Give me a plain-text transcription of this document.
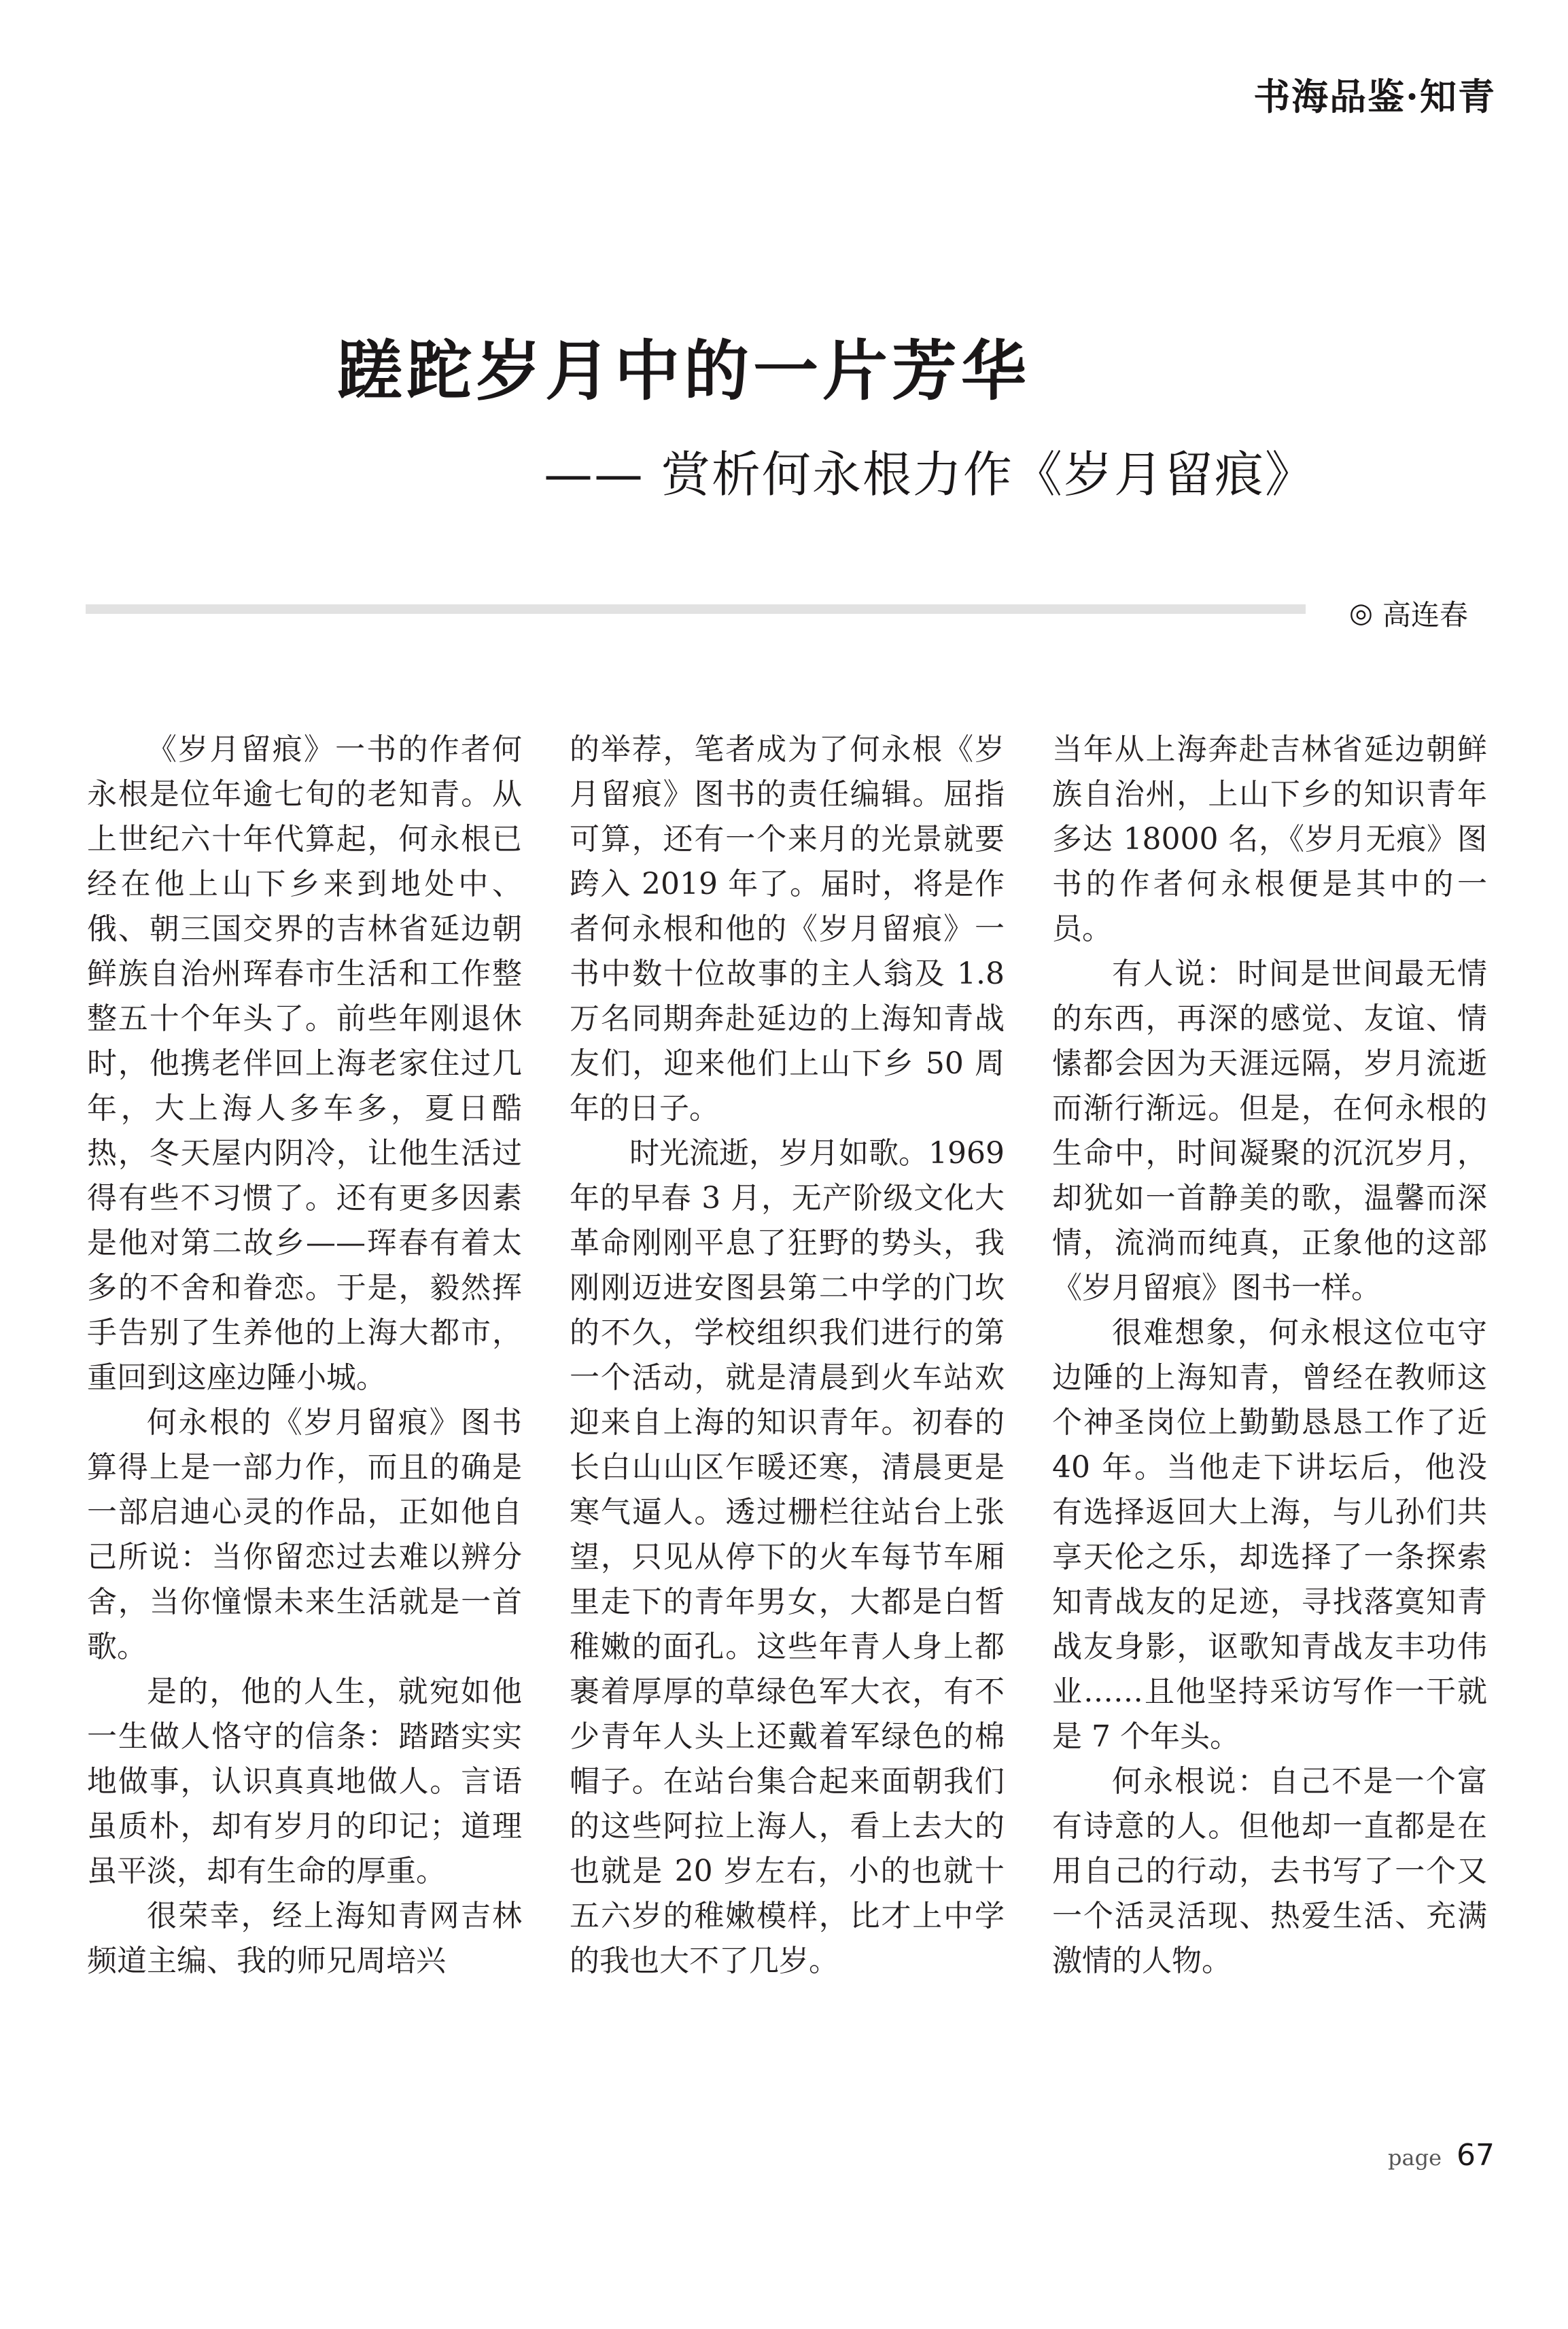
书海品鉴·知青
蹉跎岁月中的一片芳华
—— 赏析何永根力作《岁月留痕》
◎ 高连春

《岁月留痕》一书的作者何永根是位年逾七旬的老知青。从上世纪六十年代算起，何永根已经在他上山下乡来到地处中、俄、朝三国交界的吉林省延边朝鲜族自治州珲春市生活和工作整整五十个年头了。前些年刚退休时，他携老伴回上海老家住过几年，大上海人多车多，夏日酷热，冬天屋内阴冷，让他生活过得有些不习惯了。还有更多因素是他对第二故乡——珲春有着太多的不舍和眷恋。于是，毅然挥手告别了生养他的上海大都市，重回到这座边陲小城。

何永根的《岁月留痕》图书算得上是一部力作，而且的确是一部启迪心灵的作品，正如他自己所说：当你留恋过去难以辨分舍，当你憧憬未来生活就是一首歌。

是的，他的人生，就宛如他一生做人恪守的信条：踏踏实实地做事，认识真真地做人。言语虽质朴，却有岁月的印记；道理虽平淡，却有生命的厚重。

很荣幸，经上海知青网吉林频道主编、我的师兄周培兴

的举荐，笔者成为了何永根《岁月留痕》图书的责任编辑。屈指可算，还有一个来月的光景就要跨入 2019 年了。届时，将是作者何永根和他的《岁月留痕》一书中数十位故事的主人翁及 1.8 万名同期奔赴延边的上海知青战友们，迎来他们上山下乡 50 周年的日子。

时光流逝，岁月如歌。1969 年的早春 3 月，无产阶级文化大革命刚刚平息了狂野的势头，我刚刚迈进安图县第二中学的门坎的不久，学校组织我们进行的第一个活动，就是清晨到火车站欢迎来自上海的知识青年。初春的长白山山区乍暖还寒，清晨更是寒气逼人。透过栅栏往站台上张望，只见从停下的火车每节车厢里走下的青年男女，大都是白皙稚嫩的面孔。这些年青人身上都裹着厚厚的草绿色军大衣，有不少青年人头上还戴着军绿色的棉帽子。在站台集合起来面朝我们的这些阿拉上海人，看上去大的也就是 20 岁左右，小的也就十五六岁的稚嫩模样，比才上中学的我也大不了几岁。

当年从上海奔赴吉林省延边朝鲜族自治州，上山下乡的知识青年多达 18000 名，《岁月无痕》图书的作者何永根便是其中的一员。

有人说：时间是世间最无情的东西，再深的感觉、友谊、情愫都会因为天涯远隔，岁月流逝而渐行渐远。但是，在何永根的生命中，时间凝聚的沉沉岁月，却犹如一首静美的歌，温馨而深情，流淌而纯真，正象他的这部《岁月留痕》图书一样。

很难想象，何永根这位屯守边陲的上海知青，曾经在教师这个神圣岗位上勤勤恳恳工作了近 40 年。当他走下讲坛后，他没有选择返回大上海，与儿孙们共享天伦之乐，却选择了一条探索知青战友的足迹，寻找落寞知青战友身影，讴歌知青战友丰功伟业……且他坚持采访写作一干就是 7 个年头。

何永根说：自己不是一个富有诗意的人。但他却一直都是在用自己的行动，去书写了一个又一个活灵活现、热爱生活、充满激情的人物。

page 67
